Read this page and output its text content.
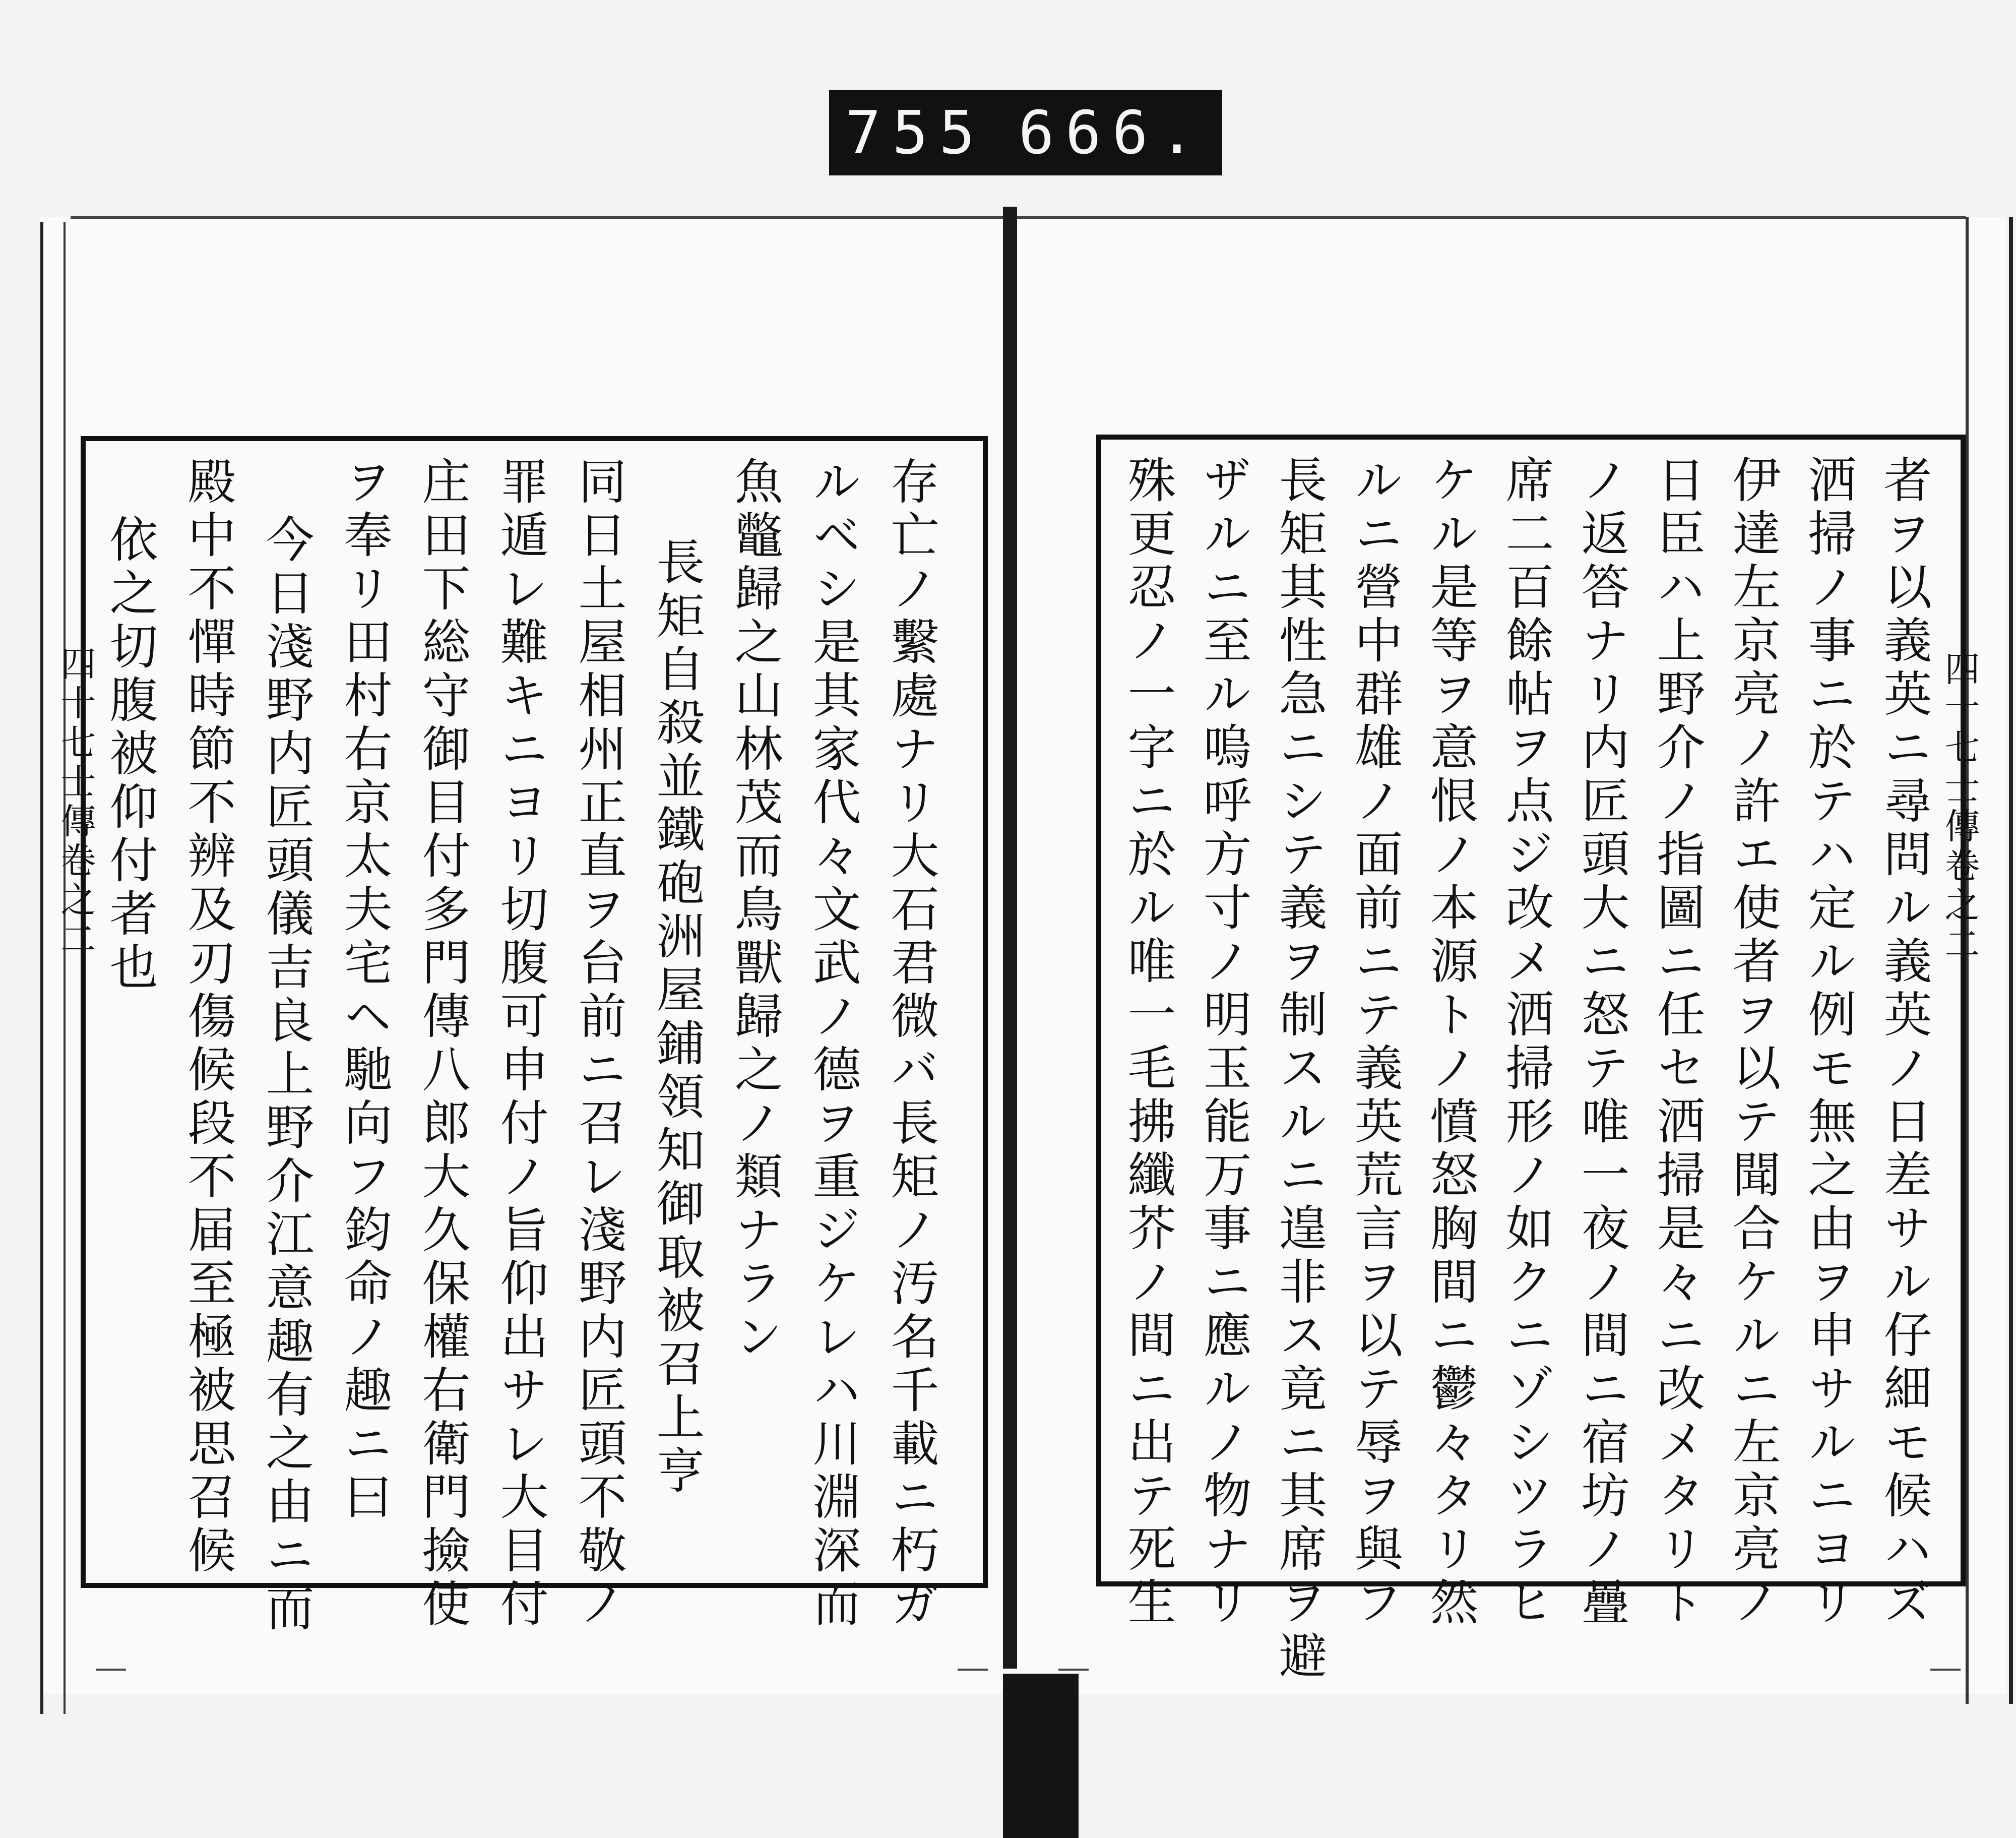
755 666.
四十七士傳卷之二	四十七士傳卷之二
存亡ノ繫處ナリ大石君微バ長矩ノ汚名千載ニ朽ガ
ルベシ是其家代々文武ノ德ヲ重ジケレハ川淵深而
魚鼈歸之山林茂而鳥獸歸之ノ類ナラン
長矩自殺並鐵砲洲屋鋪領知御取被召上亨
同日土屋相州正直ヲ台前ニ召レ淺野内匠頭不敬ノ
罪遁レ難キニヨリ切腹可申付ノ旨仰出サレ大目付
庄田下総守御目付多門傳八郎大久保權右衛門撿使
ヲ奉リ田村右京太夫宅ヘ馳向フ鈞命ノ趣ニ曰
今日淺野内匠頭儀吉良上野介江意趣有之由ニ而
殿中不憚時節不辨及刃傷候段不届至極被思召候
依之切腹被仰付者也	者ヲ以義英ニ尋問ル義英ノ日差サル仔細モ候ハズ
洒掃ノ事ニ於テハ定ル例モ無之由ヲ申サルニヨリ
伊達左京亮ノ許エ使者ヲ以テ聞合ケルニ左京亮ノ
日臣ハ上野介ノ指圖ニ任セ洒掃是々ニ改メタリト
ノ返答ナリ内匠頭大ニ怒テ唯一夜ノ間ニ宿坊ノ疊
席二百餘帖ヲ点ジ改メ洒掃形ノ如クニゾシツラヒ
ケル是等ヲ意恨ノ本源トノ憤怒胸間ニ鬱々タリ然
ルニ營中群雄ノ面前ニテ義英荒言ヲ以テ辱ヲ與フ
長矩其性急ニシテ義ヲ制スルニ遑非ス竟ニ其席ヲ避
ザルニ至ル嗚呼方寸ノ明玉能万事ニ應ルノ物ナリ
殊更忍ノ一字ニ於ル唯一毛拂纖芥ノ間ニ出テ死生
